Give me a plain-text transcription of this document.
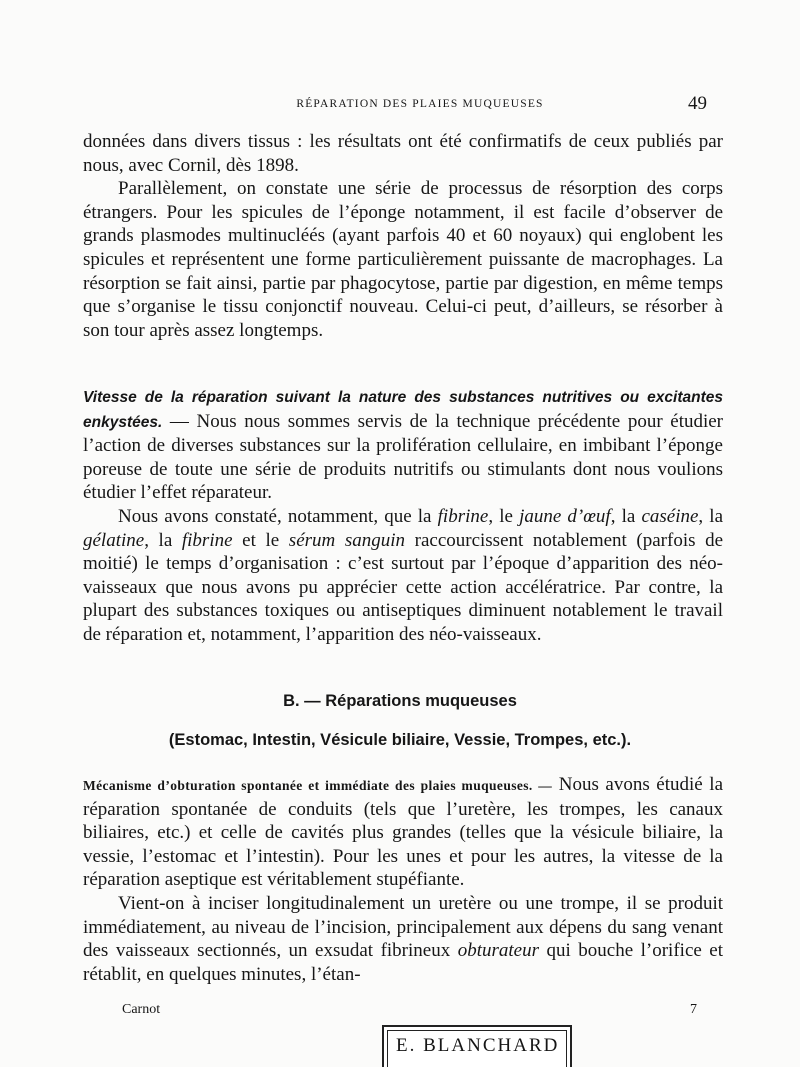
RÉPARATION DES PLAIES MUQUEUSES	49

données dans divers tissus : les résultats ont été confirmatifs de ceux publiés par nous, avec Cornil, dès 1898.

Parallèlement, on constate une série de processus de résorption des corps étrangers. Pour les spicules de l’éponge notamment, il est facile d’observer de grands plasmodes multinucléés (ayant parfois 40 et 60 noyaux) qui englobent les spicules et représentent une forme particulièrement puissante de macrophages. La résorption se fait ainsi, partie par phagocytose, partie par digestion, en même temps que s’organise le tissu conjonctif nouveau. Celui-ci peut, d’ailleurs, se résorber à son tour après assez longtemps.

Vitesse de la réparation suivant la nature des substances nutritives ou excitantes enkystées. — Nous nous sommes servis de la technique précédente pour étudier l’action de diverses substances sur la prolifération cellulaire, en imbibant l’éponge poreuse de toute une série de produits nutritifs ou stimulants dont nous voulions étudier l’effet réparateur.

Nous avons constaté, notamment, que la fibrine, le jaune d’œuf, la caséine, la gélatine, la fibrine et le sérum sanguin raccourcissent notablement (parfois de moitié) le temps d’organisation : c’est surtout par l’époque d’apparition des néo-vaisseaux que nous avons pu apprécier cette action accélératrice. Par contre, la plupart des substances toxiques ou antiseptiques diminuent notablement le travail de réparation et, notamment, l’apparition des néo-vaisseaux.

B. — Réparations muqueuses
(Estomac, Intestin, Vésicule biliaire, Vessie, Trompes, etc.).

Mécanisme d’obturation spontanée et immédiate des plaies muqueuses. — Nous avons étudié la réparation spontanée de conduits (tels que l’uretère, les trompes, les canaux biliaires, etc.) et celle de cavités plus grandes (telles que la vésicule biliaire, la vessie, l’estomac et l’intestin). Pour les unes et pour les autres, la vitesse de la réparation aseptique est véritablement stupéfiante.

Vient-on à inciser longitudinalement un uretère ou une trompe, il se produit immédiatement, au niveau de l’incision, principalement aux dépens du sang venant des vaisseaux sectionnés, un exsudat fibrineux obturateur qui bouche l’orifice et rétablit, en quelques minutes, l’étan-

Carnot	7
E. BLANCHARD
